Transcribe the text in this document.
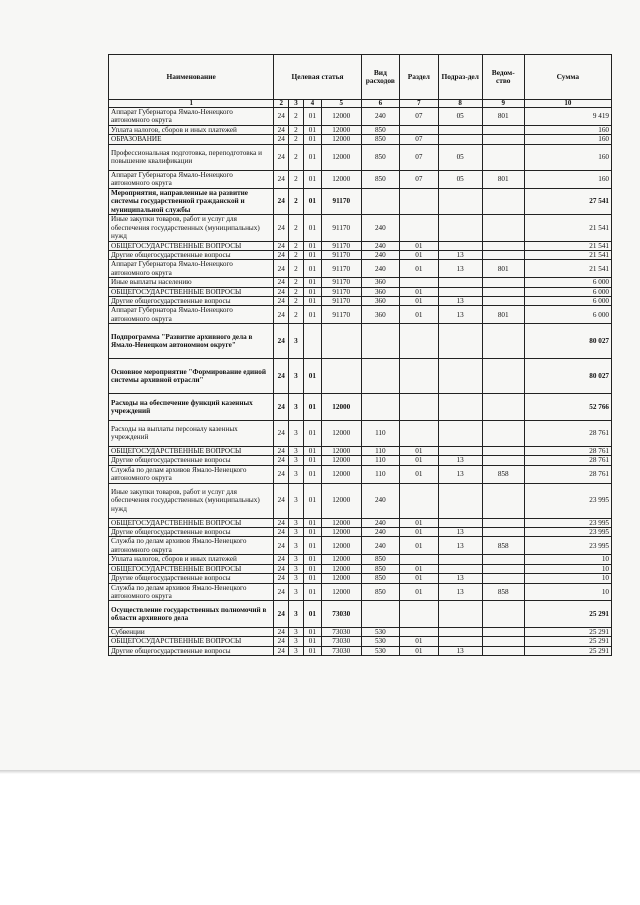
Наименование	Целевая статья				Вид расходов	Раздел	Подраз-дел	Ведом-ство	Сумма
1	2	3	4	5	6	7	8	9	10
Аппарат Губернатора Ямало-Ненецкого автономного округа	24	2	01	12000	240	07	05	801	9 419
Уплата налогов, сборов и иных платежей	24	2	01	12000	850				160
ОБРАЗОВАНИЕ	24	2	01	12000	850	07			160
Профессиональная подготовка, переподготовка и повышение квалификации	24	2	01	12000	850	07	05		160
Аппарат Губернатора Ямало-Ненецкого автономного округа	24	2	01	12000	850	07	05	801	160
Мероприятия, направленные на развитие системы государственной гражданской и муниципальной службы	24	2	01	91170					27 541
Иные закупки товаров, работ и услуг для обеспечения государственных (муниципальных) нужд	24	2	01	91170	240				21 541
ОБЩЕГОСУДАРСТВЕННЫЕ ВОПРОСЫ	24	2	01	91170	240	01			21 541
Другие общегосударственные вопросы	24	2	01	91170	240	01	13		21 541
Аппарат Губернатора Ямало-Ненецкого автономного округа	24	2	01	91170	240	01	13	801	21 541
Иные выплаты населению	24	2	01	91170	360				6 000
ОБЩЕГОСУДАРСТВЕННЫЕ ВОПРОСЫ	24	2	01	91170	360	01			6 000
Другие общегосударственные вопросы	24	2	01	91170	360	01	13		6 000
Аппарат Губернатора Ямало-Ненецкого автономного округа	24	2	01	91170	360	01	13	801	6 000
Подпрограмма "Развитие архивного дела в Ямало-Ненецком автономном округе"	24	3							80 027
Основное мероприятие "Формирование единой системы архивной отрасли"	24	3	01						80 027
Расходы на обеспечение функций казенных учреждений	24	3	01	12000					52 766
Расходы на выплаты персоналу казенных учреждений	24	3	01	12000	110				28 761
ОБЩЕГОСУДАРСТВЕННЫЕ ВОПРОСЫ	24	3	01	12000	110	01			28 761
Другие общегосударственные вопросы	24	3	01	12000	110	01	13		28 761
Служба по делам архивов Ямало-Ненецкого автономного округа	24	3	01	12000	110	01	13	858	28 761
Иные закупки товаров, работ и услуг для обеспечения государственных (муниципальных) нужд	24	3	01	12000	240				23 995
ОБЩЕГОСУДАРСТВЕННЫЕ ВОПРОСЫ	24	3	01	12000	240	01			23 995
Другие общегосударственные вопросы	24	3	01	12000	240	01	13		23 995
Служба по делам архивов Ямало-Ненецкого автономного округа	24	3	01	12000	240	01	13	858	23 995
Уплата налогов, сборов и иных платежей	24	3	01	12000	850				10
ОБЩЕГОСУДАРСТВЕННЫЕ ВОПРОСЫ	24	3	01	12000	850	01			10
Другие общегосударственные вопросы	24	3	01	12000	850	01	13		10
Служба по делам архивов Ямало-Ненецкого автономного округа	24	3	01	12000	850	01	13	858	10
Осуществление государственных полномочий в области архивного дела	24	3	01	73030					25 291
Субвенции	24	3	01	73030	530				25 291
ОБЩЕГОСУДАРСТВЕННЫЕ ВОПРОСЫ	24	3	01	73030	530	01			25 291
Другие общегосударственные вопросы	24	3	01	73030	530	01	13		25 291
